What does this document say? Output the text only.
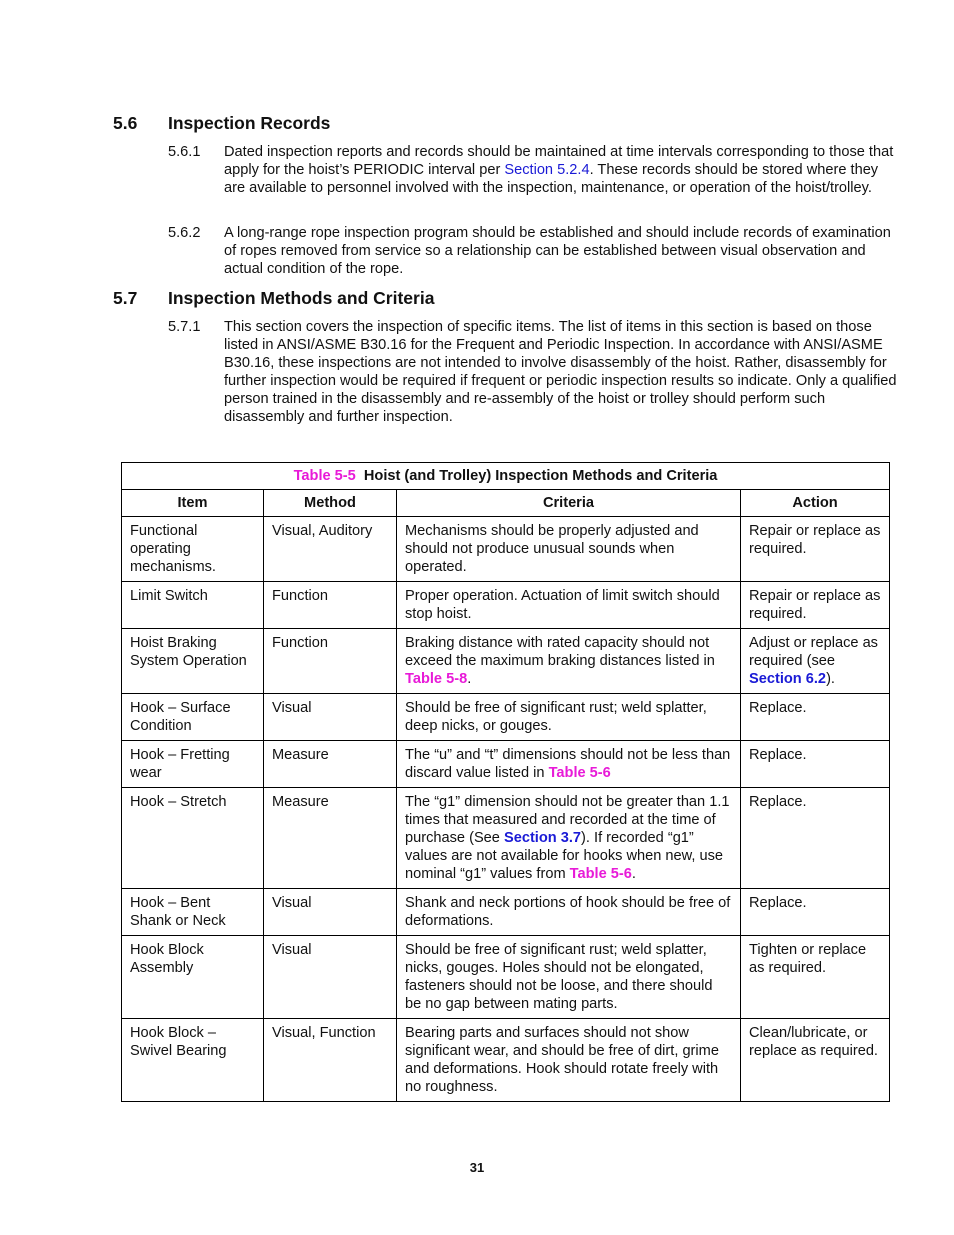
5.6 Inspection Records
5.6.1	Dated inspection reports and records should be maintained at time intervals corresponding to those that apply for the hoist’s PERIODIC interval per Section 5.2.4. These records should be stored where they are available to personnel involved with the inspection, maintenance, or operation of the hoist/trolley.
5.6.2	A long-range rope inspection program should be established and should include records of examination of ropes removed from service so a relationship can be established between visual observation and actual condition of the rope.
5.7 Inspection Methods and Criteria
5.7.1	This section covers the inspection of specific items. The list of items in this section is based on those listed in ANSI/ASME B30.16 for the Frequent and Periodic Inspection. In accordance with ANSI/ASME B30.16, these inspections are not intended to involve disassembly of the hoist. Rather, disassembly for further inspection would be required if frequent or periodic inspection results so indicate. Only a qualified person trained in the disassembly and re-assembly of the hoist or trolley should perform such disassembly and further inspection.
Table 5-5 Hoist (and Trolley) Inspection Methods and Criteria			
Item	Method	Criteria	Action
Functional operating mechanisms.	Visual, Auditory	Mechanisms should be properly adjusted and should not produce unusual sounds when operated.	Repair or replace as required.
Limit Switch	Function	Proper operation. Actuation of limit switch should stop hoist.	Repair or replace as required.
Hoist Braking System Operation	Function	Braking distance with rated capacity should not exceed the maximum braking distances listed in Table 5-8.	Adjust or replace as required (see Section 6.2).
Hook – Surface Condition	Visual	Should be free of significant rust; weld splatter, deep nicks, or gouges.	Replace.
Hook – Fretting wear	Measure	The “u” and “t” dimensions should not be less than discard value listed in Table 5-6	Replace.
Hook – Stretch	Measure	The “g1” dimension should not be greater than 1.1 times that measured and recorded at the time of purchase (See Section 3.7). If recorded “g1” values are not available for hooks when new, use nominal “g1” values from Table 5-6.	Replace.
Hook – Bent Shank or Neck	Visual	Shank and neck portions of hook should be free of deformations.	Replace.
Hook Block Assembly	Visual	Should be free of significant rust; weld splatter, nicks, gouges. Holes should not be elongated, fasteners should not be loose, and there should be no gap between mating parts.	Tighten or replace as required.
Hook Block – Swivel Bearing	Visual, Function	Bearing parts and surfaces should not show significant wear, and should be free of dirt, grime and deformations. Hook should rotate freely with no roughness.	Clean/lubricate, or replace as required.
31
